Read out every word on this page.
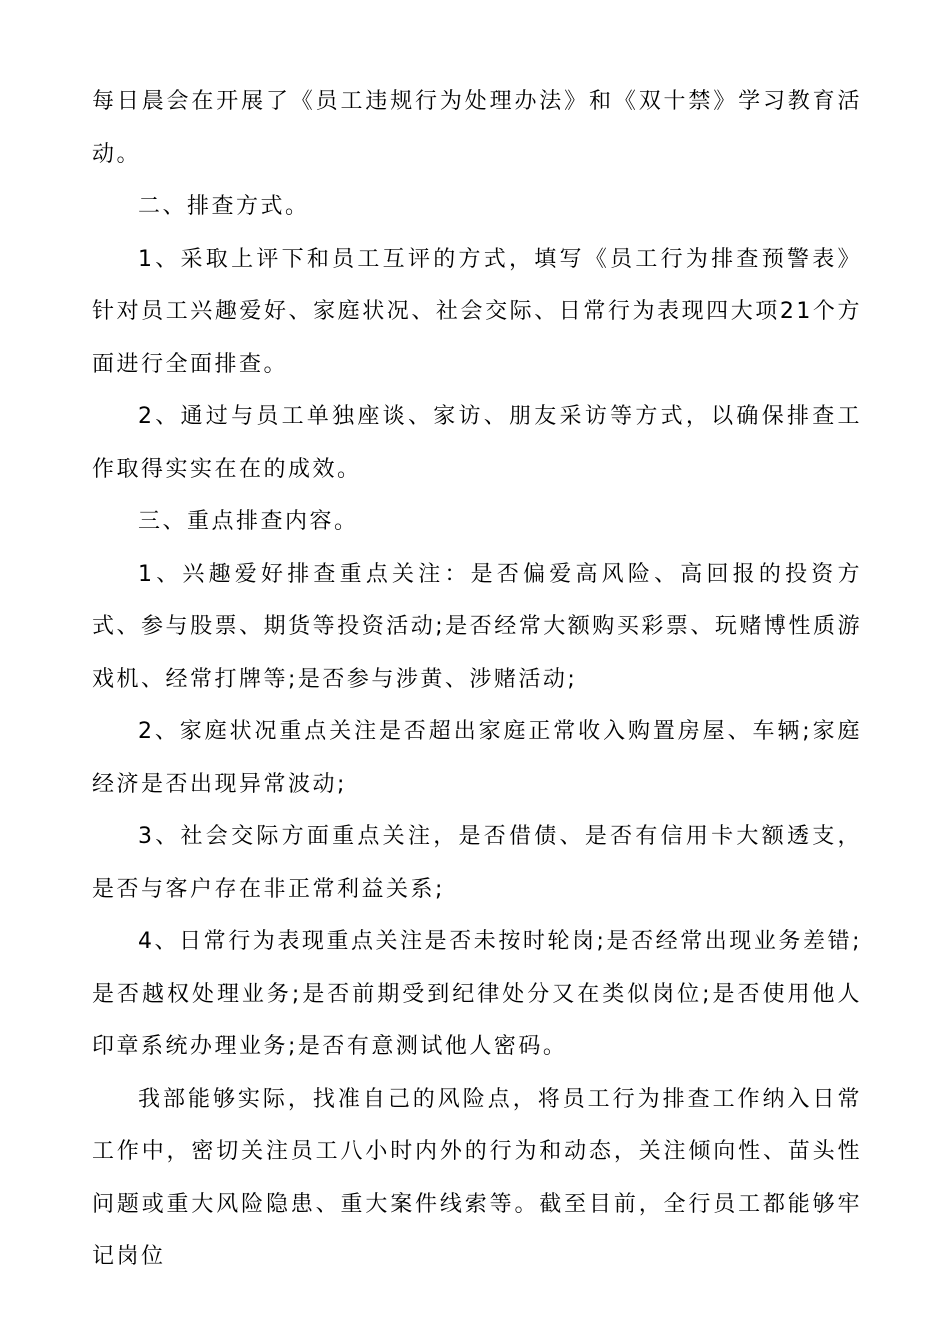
每日晨会在开展了《员工违规行为处理办法》和《双十禁》学习教育活动。

二、排查方式。

1、采取上评下和员工互评的方式，填写《员工行为排查预警表》针对员工兴趣爱好、家庭状况、社会交际、日常行为表现四大项21个方面进行全面排查。

2、通过与员工单独座谈、家访、朋友采访等方式，以确保排查工作取得实实在在的成效。

三、重点排查内容。

1、兴趣爱好排查重点关注：是否偏爱高风险、高回报的投资方式、参与股票、期货等投资活动;是否经常大额购买彩票、玩赌博性质游戏机、经常打牌等;是否参与涉黄、涉赌活动;

2、家庭状况重点关注是否超出家庭正常收入购置房屋、车辆;家庭经济是否出现异常波动;

3、社会交际方面重点关注，是否借债、是否有信用卡大额透支，是否与客户存在非正常利益关系;

4、日常行为表现重点关注是否未按时轮岗;是否经常出现业务差错;是否越权处理业务;是否前期受到纪律处分又在类似岗位;是否使用他人印章系统办理业务;是否有意测试他人密码。

我部能够实际，找准自己的风险点，将员工行为排查工作纳入日常工作中，密切关注员工八小时内外的行为和动态，关注倾向性、苗头性问题或重大风险隐患、重大案件线索等。截至目前，全行员工都能够牢记岗位
